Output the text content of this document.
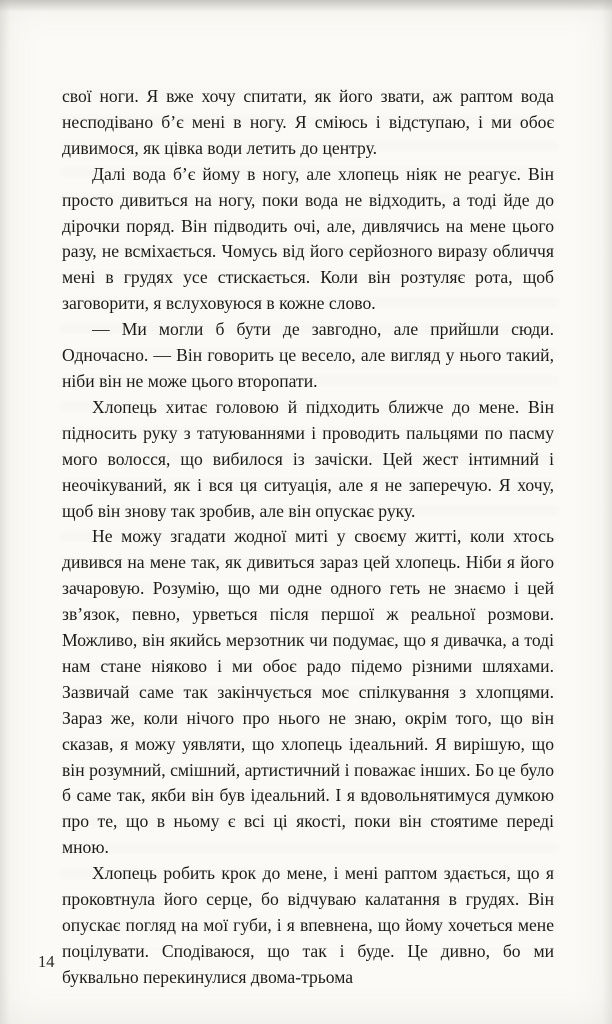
свої ноги. Я вже хочу спитати, як його звати, аж раптом вода несподівано б’є мені в ногу. Я сміюсь і відступаю, і ми обоє дивимося, як цівка води летить до центру.

Далі вода б’є йому в ногу, але хлопець ніяк не реагує. Він просто дивиться на ногу, поки вода не відходить, а тоді йде до дірочки поряд. Він підводить очі, але, дивлячись на мене цього разу, не всміхається. Чомусь від його серйозного виразу обличчя мені в грудях усе стискається. Коли він розтуляє рота, щоб заговорити, я вслуховуюся в кожне слово.

— Ми могли б бути де завгодно, але прийшли сюди. Одночасно. — Він говорить це весело, але вигляд у нього такий, ніби він не може цього второпати.

Хлопець хитає головою й підходить ближче до мене. Він підносить руку з татуюваннями і проводить пальцями по пасму мого волосся, що вибилося із зачіски. Цей жест інтимний і неочікуваний, як і вся ця ситуація, але я не заперечую. Я хочу, щоб він знову так зробив, але він опускає руку.

Не можу згадати жодної миті у своєму житті, коли хтось дивився на мене так, як дивиться зараз цей хлопець. Ніби я його зачаровую. Розумію, що ми одне одного геть не знаємо і цей зв’язок, певно, урветься після першої ж реальної розмови. Можливо, він якийсь мерзотник чи подумає, що я дивачка, а тоді нам стане ніяково і ми обоє радо підемо різними шляхами. Зазвичай саме так закінчується моє спілкування з хлопцями. Зараз же, коли нічого про нього не знаю, окрім того, що він сказав, я можу уявляти, що хлопець ідеальний. Я вирішую, що він розумний, смішний, артистичний і поважає інших. Бо це було б саме так, якби він був ідеальний. І я вдовольнятимуся думкою про те, що в ньому є всі ці якості, поки він стоятиме переді мною.

Хлопець робить крок до мене, і мені раптом здається, що я проковтнула його серце, бо відчуваю калатання в грудях. Він опускає погляд на мої губи, і я впевнена, що йому хочеться мене поцілувати. Сподіваюся, що так і буде. Це дивно, бо ми буквально перекинулися двома-трьома

14
